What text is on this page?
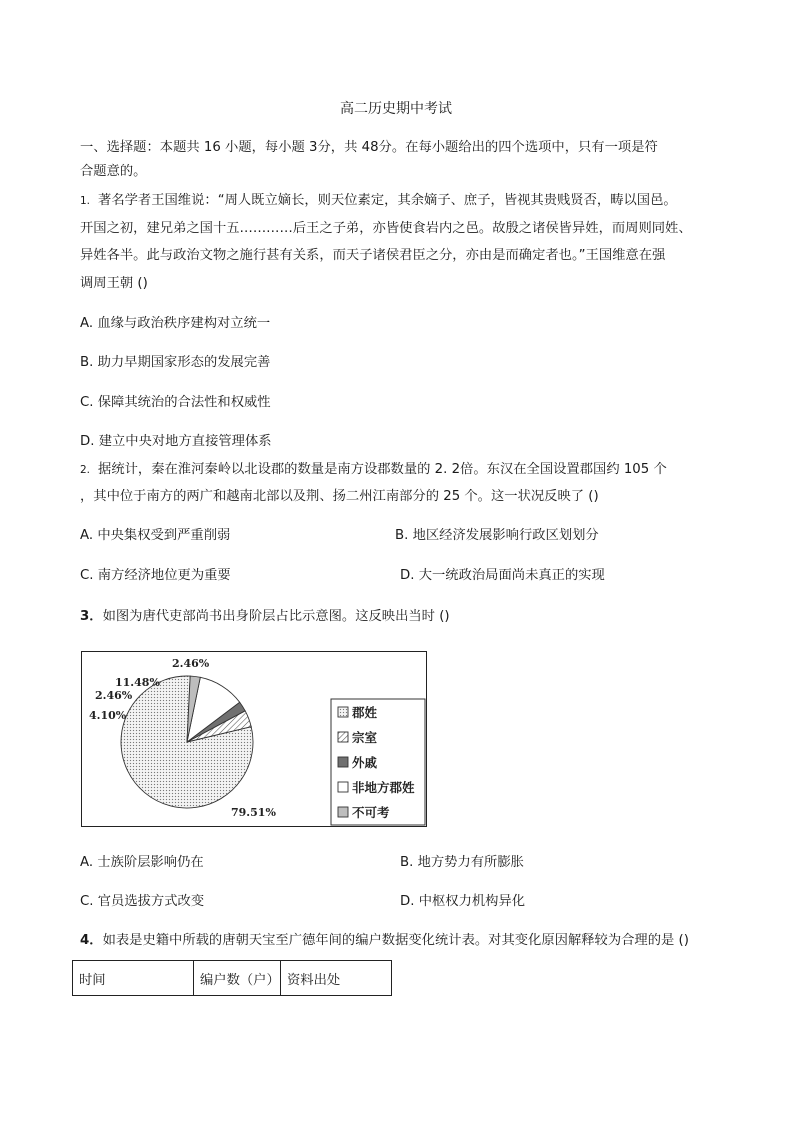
高二历史期中考试
一、选择题：本题共 16 小题，每小题 3分，共 48分。在每小题给出的四个选项中，只有一项是符
合题意的。
1. 著名学者王国维说：“周人既立嫡长，则天位素定，其余嫡子、庶子，皆视其贵贱贤否，畴以国邑。
开国之初，建兄弟之国十五…………后王之子弟，亦皆使食岩内之邑。故殷之诸侯皆异姓，而周则同姓、
异姓各半。此与政治文物之施行甚有关系，而天子诸侯君臣之分，亦由是而确定者也。”王国维意在强
调周王朝 ()
A. 血缘与政治秩序建构对立统一
B. 助力早期国家形态的发展完善
C. 保障其统治的合法性和权威性
D. 建立中央对地方直接管理体系
2. 据统计，秦在淮河秦岭以北设郡的数量是南方设郡数量的 2. 2倍。东汉在全国设置郡国约 105 个
，其中位于南方的两广和越南北部以及荆、扬二州江南部分的 25 个。这一状况反映了 ()
A. 中央集权受到严重削弱	B. 地区经济发展影响行政区划划分
C. 南方经济地位更为重要	D. 大一统政治局面尚未真正的实现
3．如图为唐代吏部尚书出身阶层占比示意图。这反映出当时 ()
79.51%
4.10%
2.46%
11.48%
2.46%
郡姓
宗室
外戚
非地方郡姓
不可考
A. 士族阶层影响仍在	B. 地方势力有所膨胀
C. 官员选拔方式改变	D. 中枢权力机构异化
4．如表是史籍中所载的唐朝天宝至广德年间的编户数据变化统计表。对其变化原因解释较为合理的是 ()
时间	编户数（户）	资料出处
